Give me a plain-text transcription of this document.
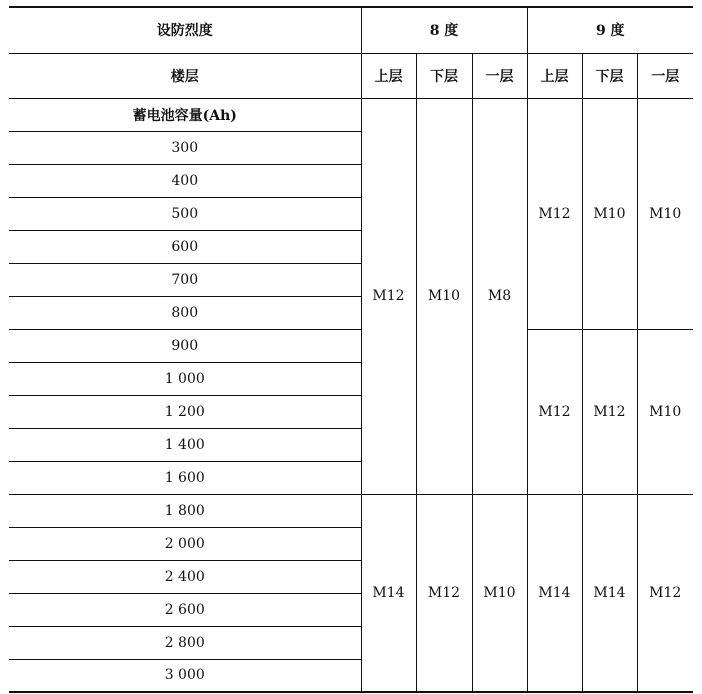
设防烈度	8 度			9 度		
楼层	上层	下层	一层	上层	下层	一层
蓄电池容量(Ah)	M12	M10	M8	M12	M10	M10
300						
400						
500						
600						
700						
800						
900				M12	M12	M10
1 000						
1 200						
1 400						
1 600						
1 800	M14	M12	M10	M14	M14	M12
2 000						
2 400						
2 600						
2 800						
3 000						
